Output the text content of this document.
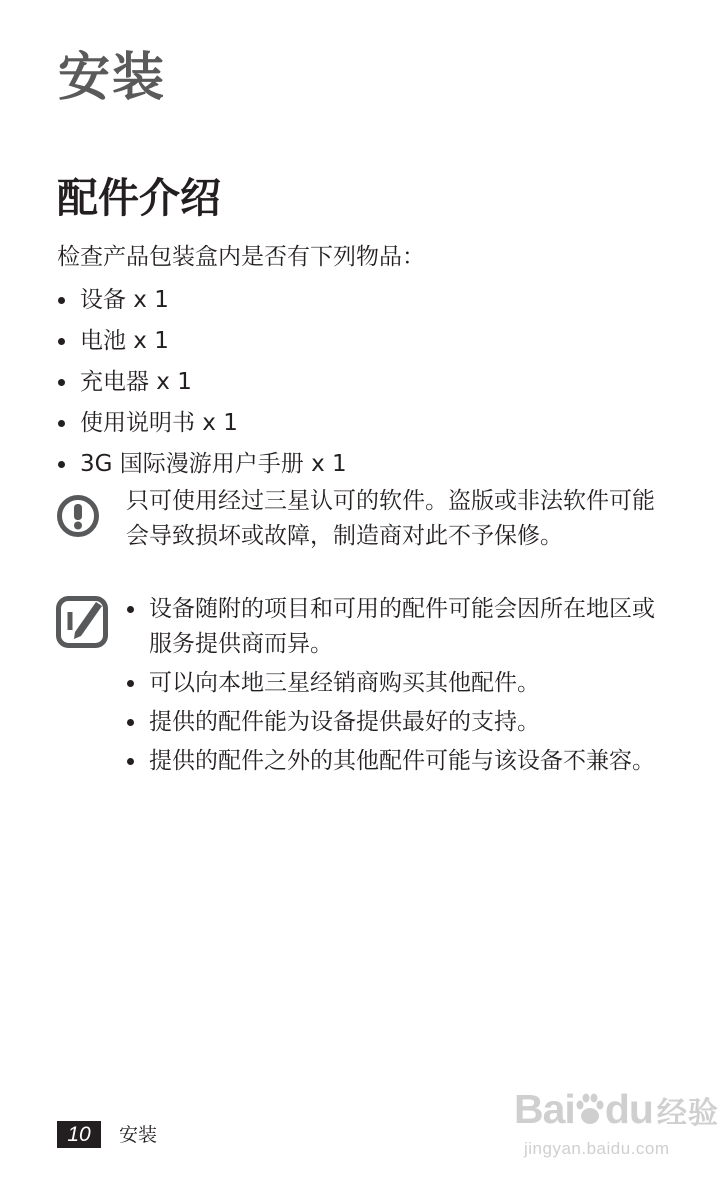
安装
配件介绍
检查产品包装盒内是否有下列物品：
设备 x 1
电池 x 1
充电器 x 1
使用说明书 x 1
3G 国际漫游用户手册 x 1
只可使用经过三星认可的软件。盗版或非法软件可能会导致损坏或故障，制造商对此不予保修。
设备随附的项目和可用的配件可能会因所在地区或服务提供商而异。
可以向本地三星经销商购买其他配件。
提供的配件能为设备提供最好的支持。
提供的配件之外的其他配件可能与该设备不兼容。
10	安装
Bai du 经验
jingyan.baidu.com
